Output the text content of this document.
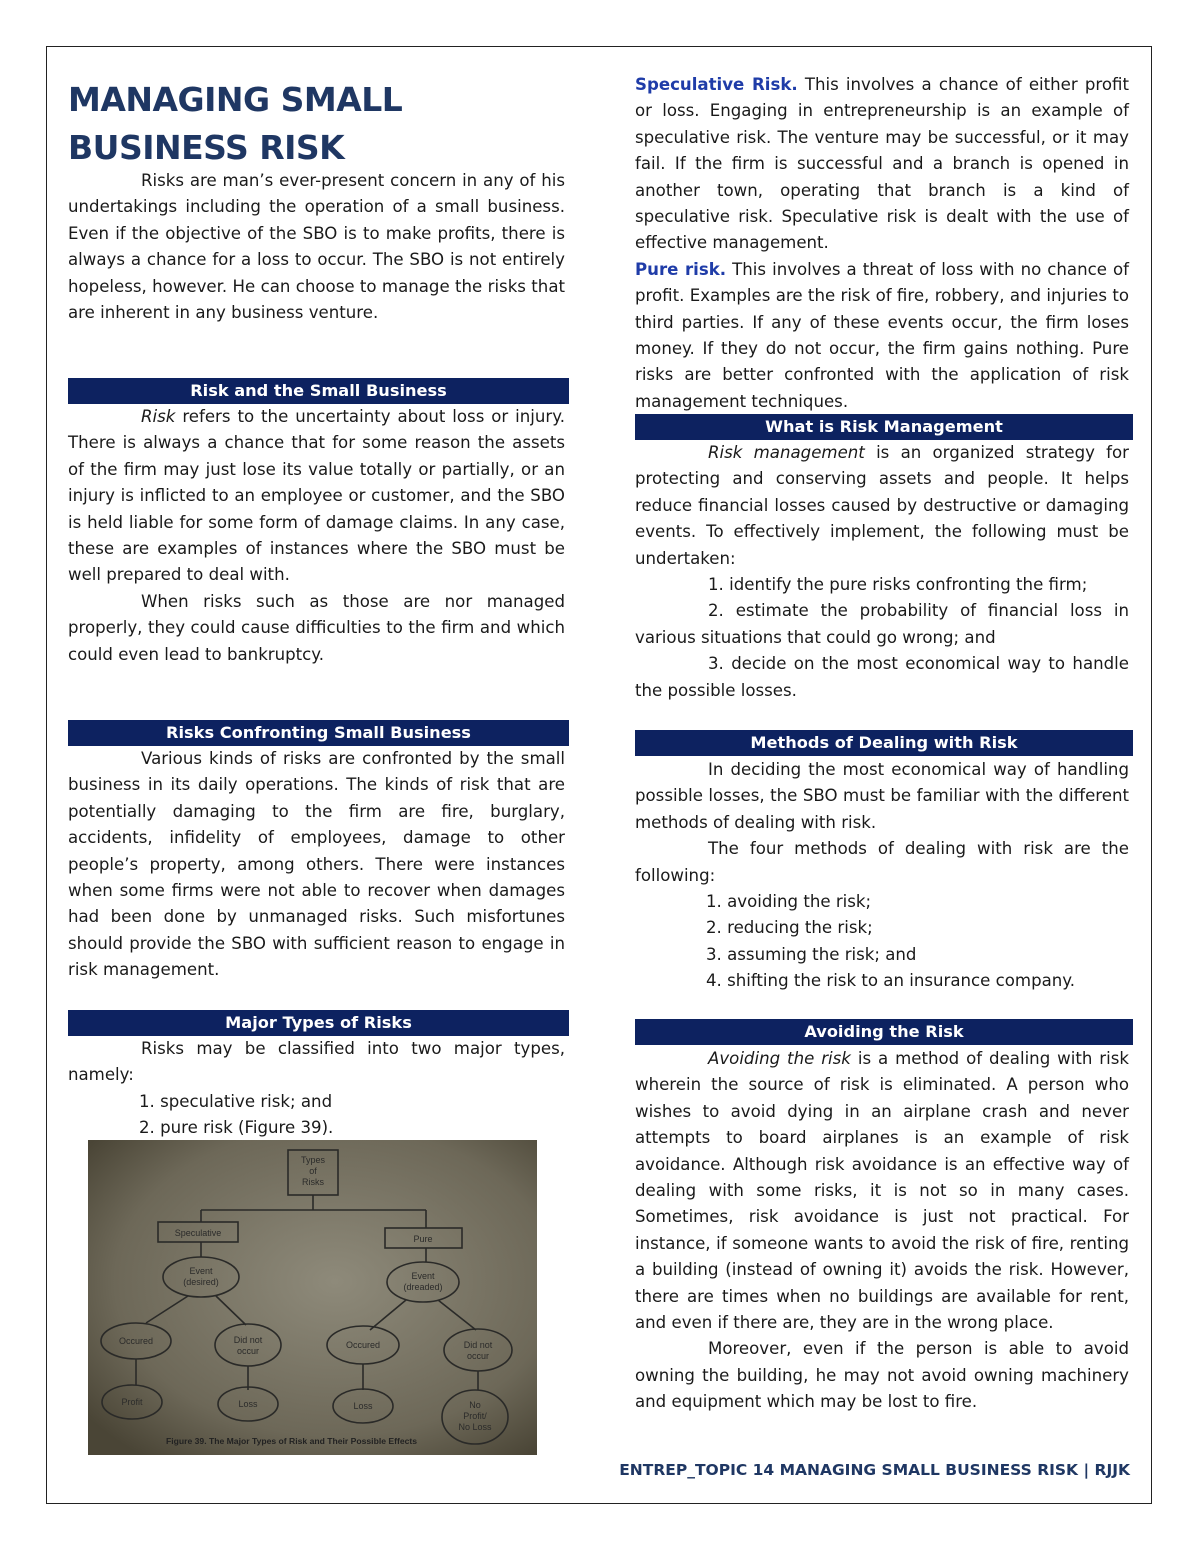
MANAGING SMALL BUSINESS RISK

Risks are man’s ever-present concern in any of his undertakings including the operation of a small business. Even if the objective of the SBO is to make profits, there is always a chance for a loss to occur. The SBO is not entirely hopeless, however. He can choose to manage the risks that are inherent in any business venture.

Risk and the Small Business

Risk refers to the uncertainty about loss or injury. There is always a chance that for some reason the assets of the firm may just lose its value totally or partially, or an injury is inflicted to an employee or customer, and the SBO is held liable for some form of damage claims. In any case, these are examples of instances where the SBO must be well prepared to deal with.

When risks such as those are nor managed properly, they could cause difficulties to the firm and which could even lead to bankruptcy.

Risks Confronting Small Business

Various kinds of risks are confronted by the small business in its daily operations. The kinds of risk that are potentially damaging to the firm are fire, burglary, accidents, infidelity of employees, damage to other people’s property, among others. There were instances when some firms were not able to recover when damages had been done by unmanaged risks. Such misfortunes should provide the SBO with sufficient reason to engage in risk management.

Major Types of Risks

Risks may be classified into two major types, namely:

1. speculative risk; and

2. pure risk (Figure 39).

Types
of
Risks
Speculative
Pure
Event
(desired)
Event
(dreaded)
Occured	Did not
occur
Occured	Did not
occur
Profit	Loss	Loss	No
Profit/
No Loss
Figure 39. The Major Types of Risk and Their Possible Effects

Speculative Risk. This involves a chance of either profit or loss. Engaging in entrepreneurship is an example of speculative risk. The venture may be successful, or it may fail. If the firm is successful and a branch is opened in another town, operating that branch is a kind of speculative risk. Speculative risk is dealt with the use of effective management.

Pure risk. This involves a threat of loss with no chance of profit. Examples are the risk of fire, robbery, and injuries to third parties. If any of these events occur, the firm loses money. If they do not occur, the firm gains nothing. Pure risks are better confronted with the application of risk management techniques.

What is Risk Management

Risk management is an organized strategy for protecting and conserving assets and people. It helps reduce financial losses caused by destructive or damaging events. To effectively implement, the following must be undertaken:

1. identify the pure risks confronting the firm;

2. estimate the probability of financial loss in various situations that could go wrong; and

3. decide on the most economical way to handle the possible losses.

Methods of Dealing with Risk

In deciding the most economical way of handling possible losses, the SBO must be familiar with the different methods of dealing with risk.

The four methods of dealing with risk are the following:

1. avoiding the risk;

2. reducing the risk;

3. assuming the risk; and

4. shifting the risk to an insurance company.

Avoiding the Risk

Avoiding the risk is a method of dealing with risk wherein the source of risk is eliminated. A person who wishes to avoid dying in an airplane crash and never attempts to board airplanes is an example of risk avoidance. Although risk avoidance is an effective way of dealing with some risks, it is not so in many cases. Sometimes, risk avoidance is just not practical. For instance, if someone wants to avoid the risk of fire, renting a building (instead of owning it) avoids the risk. However, there are times when no buildings are available for rent, and even if there are, they are in the wrong place.

Moreover, even if the person is able to avoid owning the building, he may not avoid owning machinery and equipment which may be lost to fire.

ENTREP_TOPIC 14 MANAGING SMALL BUSINESS RISK | RJJK
